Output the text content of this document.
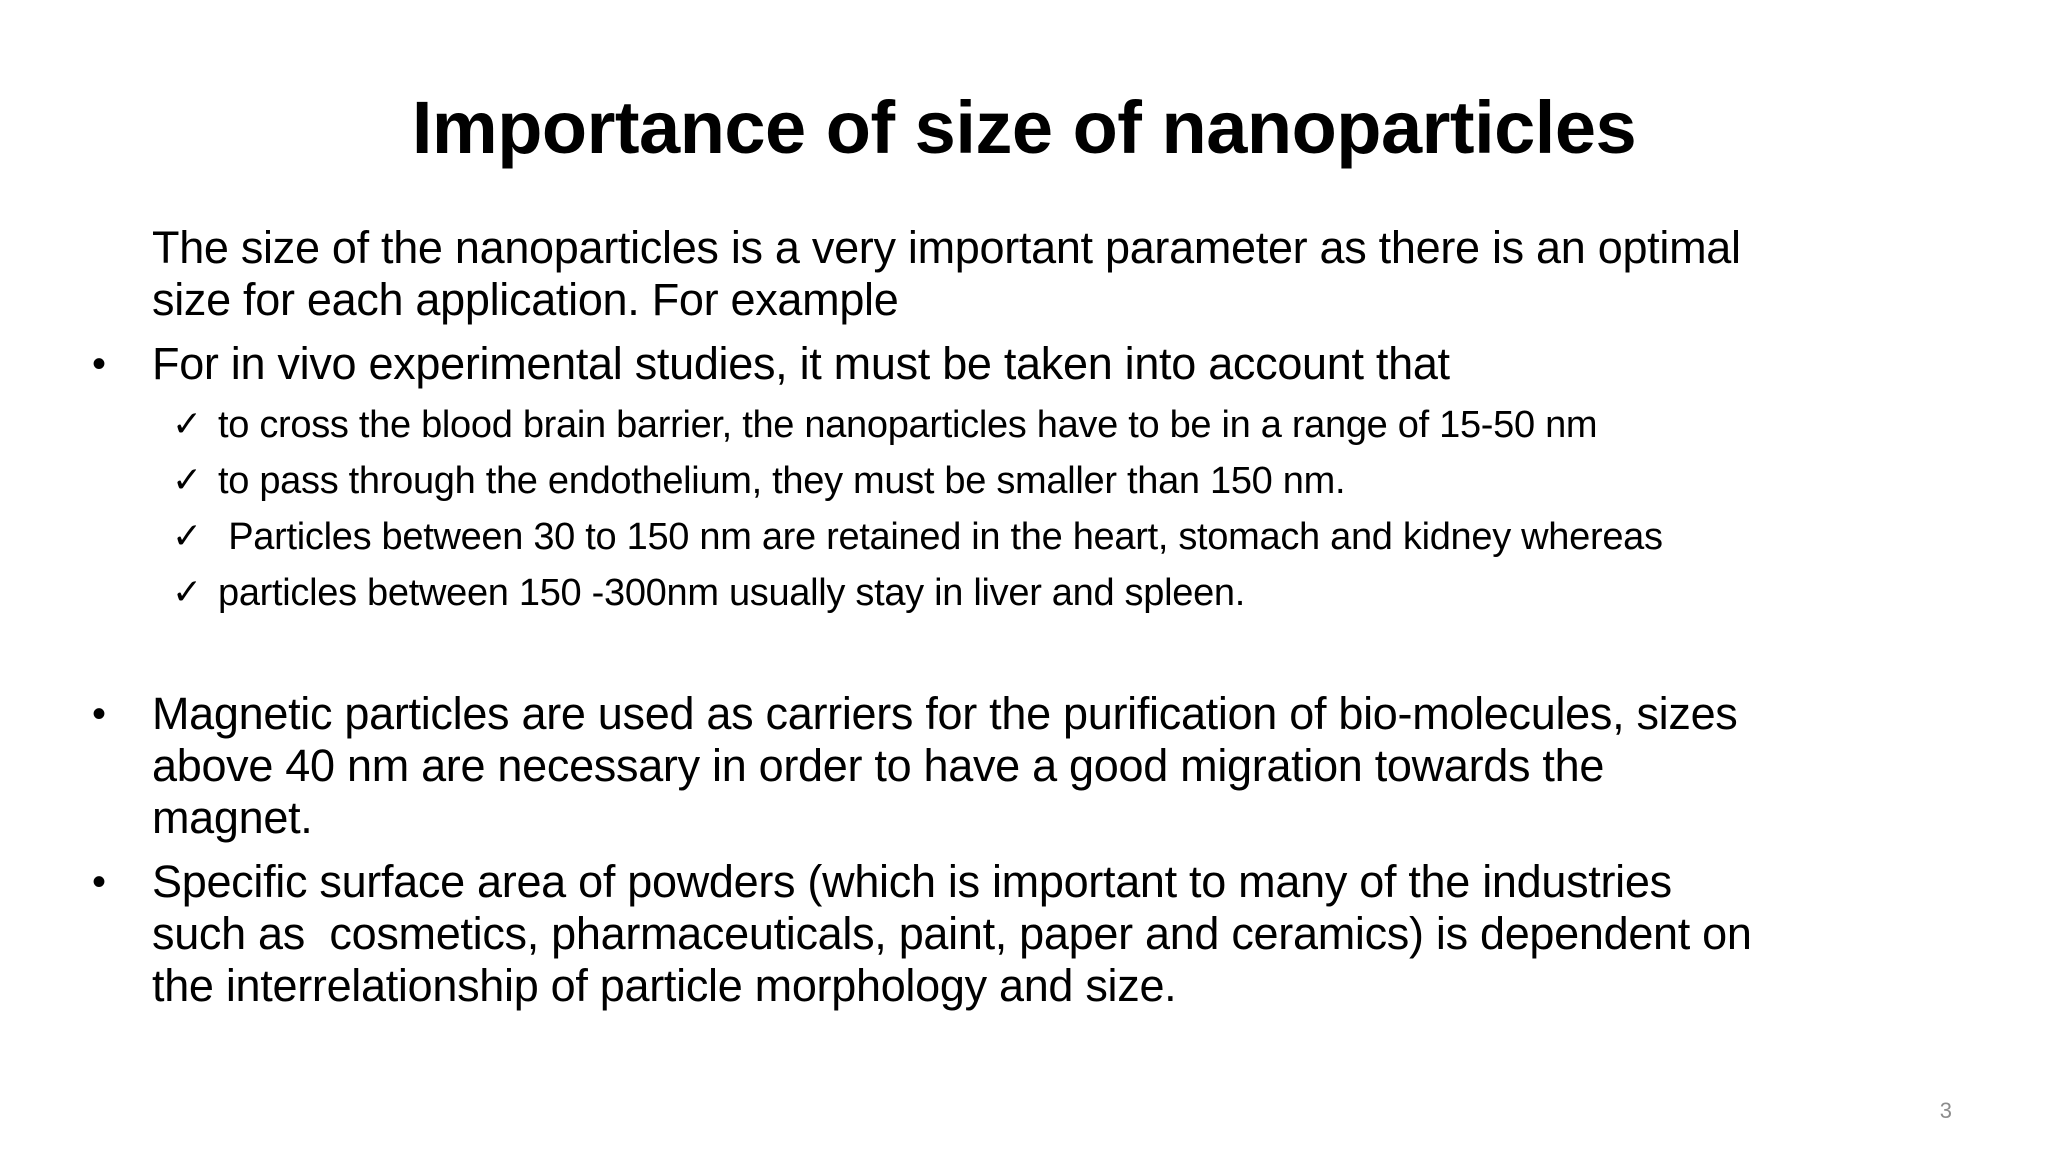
Importance of size of nanoparticles
The size of the nanoparticles is a very important parameter as there is an optimal
size for each application. For example
• For in vivo experimental studies, it must be taken into account that
✓ to cross the blood brain barrier, the nanoparticles have to be in a range of 15-50 nm
✓ to pass through the endothelium, they must be smaller than 150 nm.
✓ Particles between 30 to 150 nm are retained in the heart, stomach and kidney whereas
✓ particles between 150 -300nm usually stay in liver and spleen.
• Magnetic particles are used as carriers for the purification of bio-molecules, sizes
above 40 nm are necessary in order to have a good migration towards the
magnet.
• Specific surface area of powders (which is important to many of the industries
such as  cosmetics, pharmaceuticals, paint, paper and ceramics) is dependent on
the interrelationship of particle morphology and size.
3
